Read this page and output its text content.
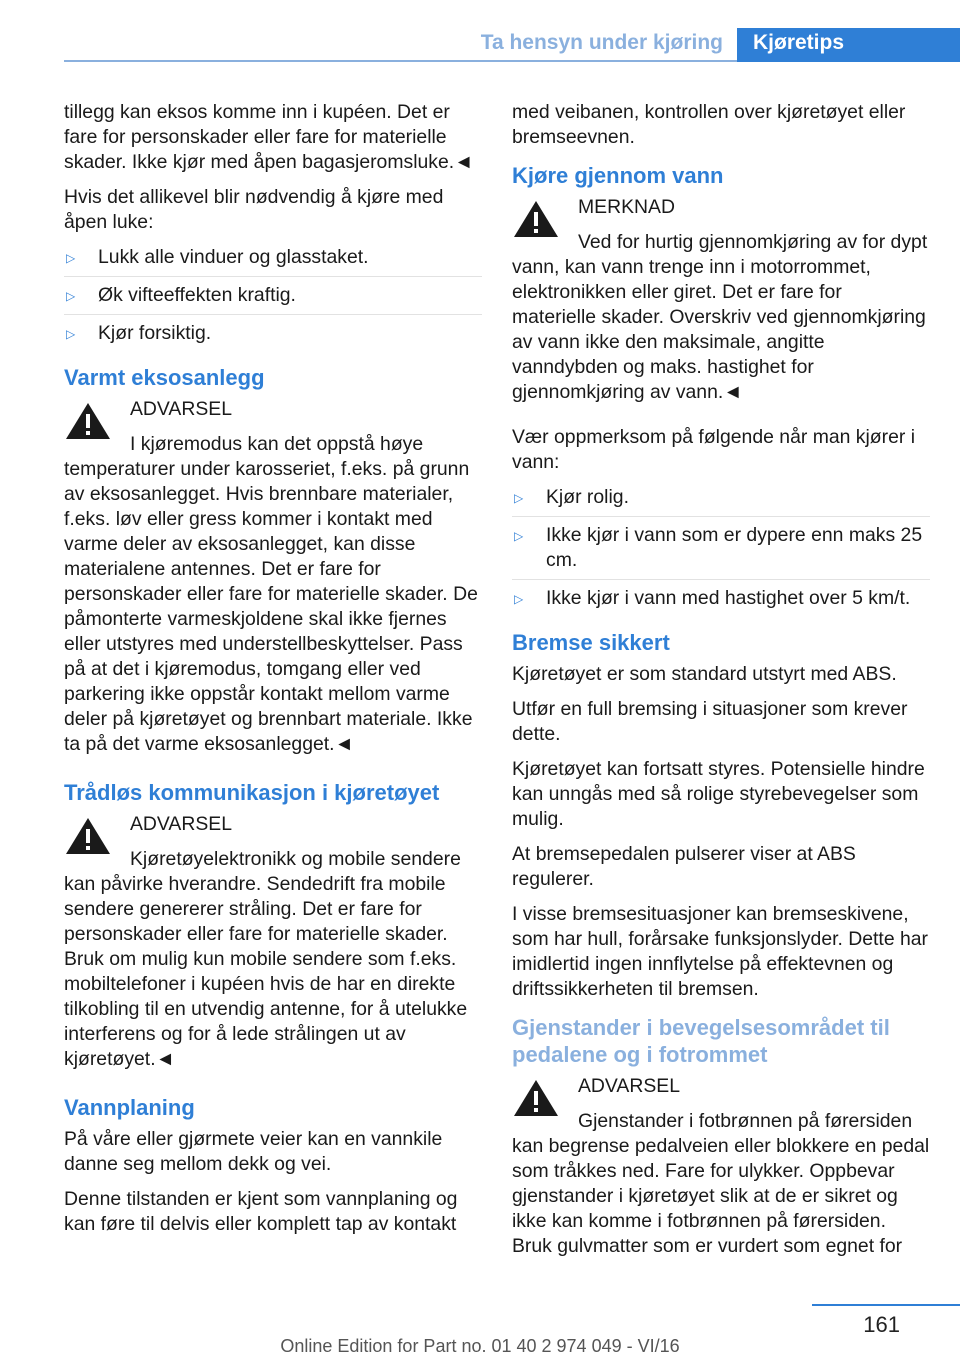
Ta hensyn under kjøring	Kjøretips

tillegg kan eksos komme inn i kupéen. Det er fare for personskader eller fare for materielle skader. Ikke kjør med åpen bagasjeromsluke.◄

Hvis det allikevel blir nødvendig å kjøre med åpen luke:

▷ Lukk alle vinduer og glasstaket.
▷ Øk vifteeffekten kraftig.
▷ Kjør forsiktig.
Varmt eksosanlegg

ADVARSEL

I kjøremodus kan det oppstå høye temperaturer under karosseriet, f.eks. på grunn av eksosanlegget. Hvis brennbare materialer, f.eks. løv eller gress kommer i kontakt med varme deler av eksosanlegget, kan disse materialene antennes. Det er fare for personskader eller fare for materielle skader. De påmonterte varmeskjoldene skal ikke fjernes eller utstyres med understellbeskyttelser. Pass på at det i kjøremodus, tomgang eller ved parkering ikke oppstår kontakt mellom varme deler på kjøretøyet og brennbart materiale. Ikke ta på det varme eksosanlegget.◄

Trådløs kommunikasjon i kjøretøyet

ADVARSEL

Kjøretøyelektronikk og mobile sendere kan påvirke hverandre. Sendedrift fra mobile sendere genererer stråling. Det er fare for personskader eller fare for materielle skader. Bruk om mulig kun mobile sendere som f.eks. mobiltelefoner i kupéen hvis de har en direkte tilkobling til en utvendig antenne, for å utelukke interferens og for å lede strålingen ut av kjøretøyet.◄

Vannplaning

På våre eller gjørmete veier kan en vannkile danne seg mellom dekk og vei.

Denne tilstanden er kjent som vannplaning og kan føre til delvis eller komplett tap av kontakt

med veibanen, kontrollen over kjøretøyet eller bremseevnen.

Kjøre gjennom vann

MERKNAD

Ved for hurtig gjennomkjøring av for dypt vann, kan vann trenge inn i motorrommet, elektronikken eller giret. Det er fare for materielle skader. Overskriv ved gjennomkjøring av vann ikke den maksimale, angitte vanndybden og maks. hastighet for gjennomkjøring av vann.◄

Vær oppmerksom på følgende når man kjører i vann:

▷ Kjør rolig.
▷ Ikke kjør i vann som er dypere enn maks 25 cm.
▷ Ikke kjør i vann med hastighet over 5 km/t.
Bremse sikkert

Kjøretøyet er som standard utstyrt med ABS.

Utfør en full bremsing i situasjoner som krever dette.

Kjøretøyet kan fortsatt styres. Potensielle hindre kan unngås med så rolige styrebevegelser som mulig.

At bremsepedalen pulserer viser at ABS regulerer.

I visse bremsesituasjoner kan bremseskivene, som har hull, forårsake funksjonslyder. Dette har imidlertid ingen innflytelse på effektevnen og driftssikkerheten til bremsen.

Gjenstander i bevegelsesområdet til pedalene og i fotrommet

ADVARSEL

Gjenstander i fotbrønnen på førersiden kan begrense pedalveien eller blokkere en pedal som tråkkes ned. Fare for ulykker. Oppbevar gjenstander i kjøretøyet slik at de er sikret og ikke kan komme i fotbrønnen på førersiden. Bruk gulvmatter som er vurdert som egnet for

161
Online Edition for Part no. 01 40 2 974 049 - VI/16
